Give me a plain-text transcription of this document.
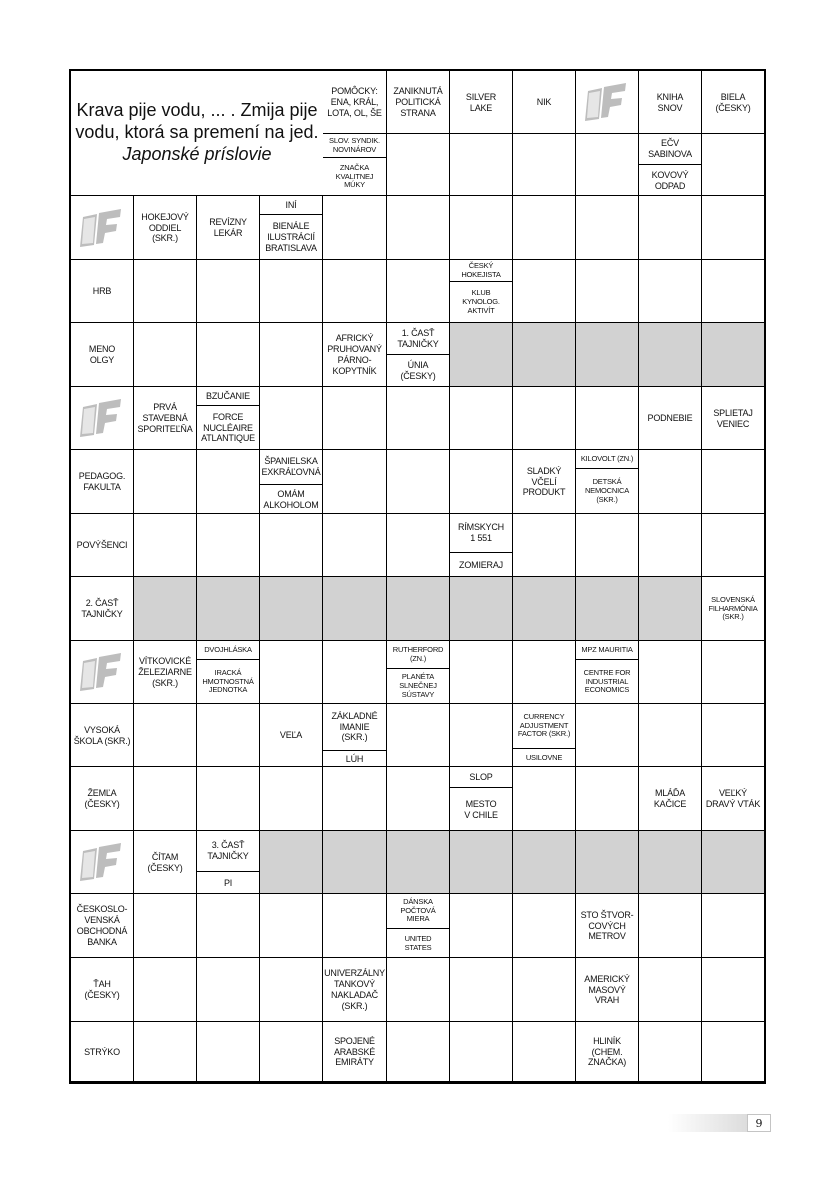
Krava pije vodu, ... . Zmija pije
vodu, ktorá sa premení na jed.
Japonské príslovie
POMÔCKY:
ENA, KRÁL,
LOTA, OL, ŠE
ZANIKNUTÁ
POLITICKÁ
STRANA
SILVER
LAKE
NIK
KNIHA
SNOV
BIELA
(ČESKY)
SLOV. SYNDIK.
NOVINÁROV
ZNAČKA
KVALITNEJ
MÚKY
EČV
SABINOVA
KOVOVÝ
ODPAD
HOKEJOVÝ
ODDIEL
(SKR.)
REVÍZNY
LEKÁR
INÍ
BIENÁLE
ILUSTRÁCIÍ
BRATISLAVA
HRB
ČESKÝ
HOKEJISTA
KLUB
KYNOLOG.
AKTIVÍT
MENO
OLGY
AFRICKÝ
PRUHOVANÝ
PÁRNO-
KOPYTNÍK
1. ČASŤ
TAJNIČKY
ÚNIA
(ČESKY)
PRVÁ
STAVEBNÁ
SPORITEĽŇA
BZUČANIE
FORCE
NUCLÉAIRE
ATLANTIQUE
PODNEBIE
SPLIETAJ
VENIEC
PEDAGOG.
FAKULTA
ŠPANIELSKA
EXKRÁĽOVNÁ
OMÁM
ALKOHOLOM
SLADKÝ
VČELÍ
PRODUKT
KILOVOLT (ZN.)
DETSKÁ
NEMOCNICA
(SKR.)
POVÝŠENCI
RÍMSKYCH
1 551
ZOMIERAJ
2. ČASŤ
TAJNIČKY
SLOVENSKÁ
FILHARMÓNIA
(SKR.)
VÍTKOVICKÉ
ŽELEZIARNE
(SKR.)
DVOJHLÁSKA
IRACKÁ
HMOTNOSTNÁ
JEDNOTKA
RUTHERFORD
(ZN.)
PLANÉTA
SLNEČNEJ
SÚSTAVY
MPZ MAURITIA
CENTRE FOR
INDUSTRIAL
ECONOMICS
VYSOKÁ
ŠKOLA (SKR.)
VEĽA
ZÁKLADNÉ
IMANIE
(SKR.)
LÚH
CURRENCY
ADJUSTMENT
FACTOR (SKR.)
USILOVNE
ŽEMĽA
(ČESKY)
SLOP
MESTO
V CHILE
MLÁĎA
KAČICE
VEĽKÝ
DRAVÝ VTÁK
ČÍTAM
(ČESKY)
3. ČASŤ
TAJNIČKY
PI
ČESKOSLO-
VENSKÁ
OBCHODNÁ
BANKA
DÁNSKA
POČTOVÁ
MIERA
UNITED
STATES
STO ŠTVOR-
COVÝCH
METROV
ŤAH
(ČESKY)
UNIVERZÁLNY
TANKOVÝ
NAKLADAČ
(SKR.)
AMERICKÝ
MASOVÝ
VRAH
STRÝKO
SPOJENÉ
ARABSKÉ
EMIRÁTY
HLINÍK
(CHEM.
ZNAČKA)
9
